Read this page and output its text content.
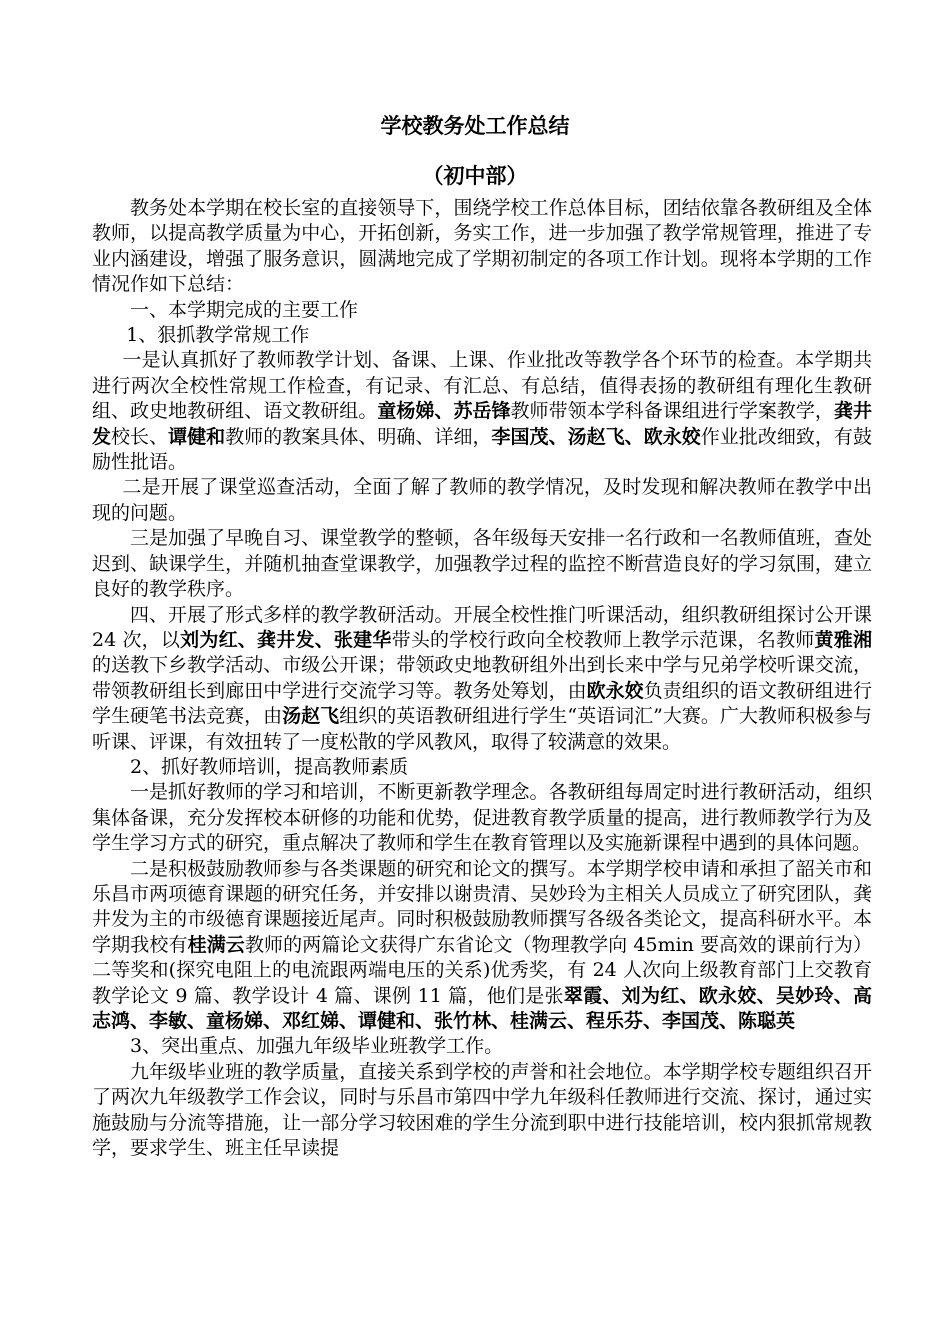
学校教务处工作总结
（初中部）

教务处本学期在校长室的直接领导下，围绕学校工作总体目标，团结依靠各教研组及全体教师，以提高教学质量为中心，开拓创新，务实工作，进一步加强了教学常规管理，推进了专业内涵建设，增强了服务意识，圆满地完成了学期初制定的各项工作计划。现将本学期的工作情况作如下总结：

一、本学期完成的主要工作

1、狠抓教学常规工作

一是认真抓好了教师教学计划、备课、上课、作业批改等教学各个环节的检查。本学期共进行两次全校性常规工作检查，有记录、有汇总、有总结，值得表扬的教研组有理化生教研组、政史地教研组、语文教研组。童杨娣、苏岳锋教师带领本学科备课组进行学案教学，龚井发校长、谭健和教师的教案具体、明确、详细，李国茂、汤赵飞、欧永姣作业批改细致，有鼓励性批语。

二是开展了课堂巡查活动，全面了解了教师的教学情况，及时发现和解决教师在教学中出现的问题。

三是加强了早晚自习、课堂教学的整顿，各年级每天安排一名行政和一名教师值班，查处迟到、缺课学生，并随机抽查堂课教学，加强教学过程的监控不断营造良好的学习氛围，建立良好的教学秩序。

四、开展了形式多样的教学教研活动。开展全校性推门听课活动，组织教研组探讨公开课 24 次，以刘为红、龚井发、张建华带头的学校行政向全校教师上教学示范课，名教师黄雅湘的送教下乡教学活动、市级公开课；带领政史地教研组外出到长来中学与兄弟学校听课交流，带领教研组长到廊田中学进行交流学习等。教务处筹划，由欧永姣负责组织的语文教研组进行学生硬笔书法竞赛，由汤赵飞组织的英语教研组进行学生“英语词汇”大赛。广大教师积极参与听课、评课，有效扭转了一度松散的学风教风，取得了较满意的效果。

2、抓好教师培训，提高教师素质

一是抓好教师的学习和培训，不断更新教学理念。各教研组每周定时进行教研活动，组织集体备课，充分发挥校本研修的功能和优势，促进教育教学质量的提高，进行教师教学行为及学生学习方式的研究，重点解决了教师和学生在教育管理以及实施新课程中遇到的具体问题。

二是积极鼓励教师参与各类课题的研究和论文的撰写。本学期学校申请和承担了韶关市和乐昌市两项德育课题的研究任务，并安排以谢贵清、吴妙玲为主相关人员成立了研究团队，龚井发为主的市级德育课题接近尾声。同时积极鼓励教师撰写各级各类论文，提高科研水平。本学期我校有桂满云教师的两篇论文获得广东省论文（物理教学向 45min 要高效的课前行为）二等奖和(探究电阻上的电流跟两端电压的关系)优秀奖，有 24 人次向上级教育部门上交教育教学论文 9 篇、教学设计 4 篇、课例 11 篇，他们是张翠霞、刘为红、欧永姣、吴妙玲、高志鸿、李敏、童杨娣、邓红娣、谭健和、张竹林、桂满云、程乐芬、李国茂、陈聪英

3、突出重点、加强九年级毕业班教学工作。

九年级毕业班的教学质量，直接关系到学校的声誉和社会地位。本学期学校专题组织召开了两次九年级教学工作会议，同时与乐昌市第四中学九年级科任教师进行交流、探讨，通过实施鼓励与分流等措施，让一部分学习较困难的学生分流到职中进行技能培训，校内狠抓常规教学，要求学生、班主任早读提
